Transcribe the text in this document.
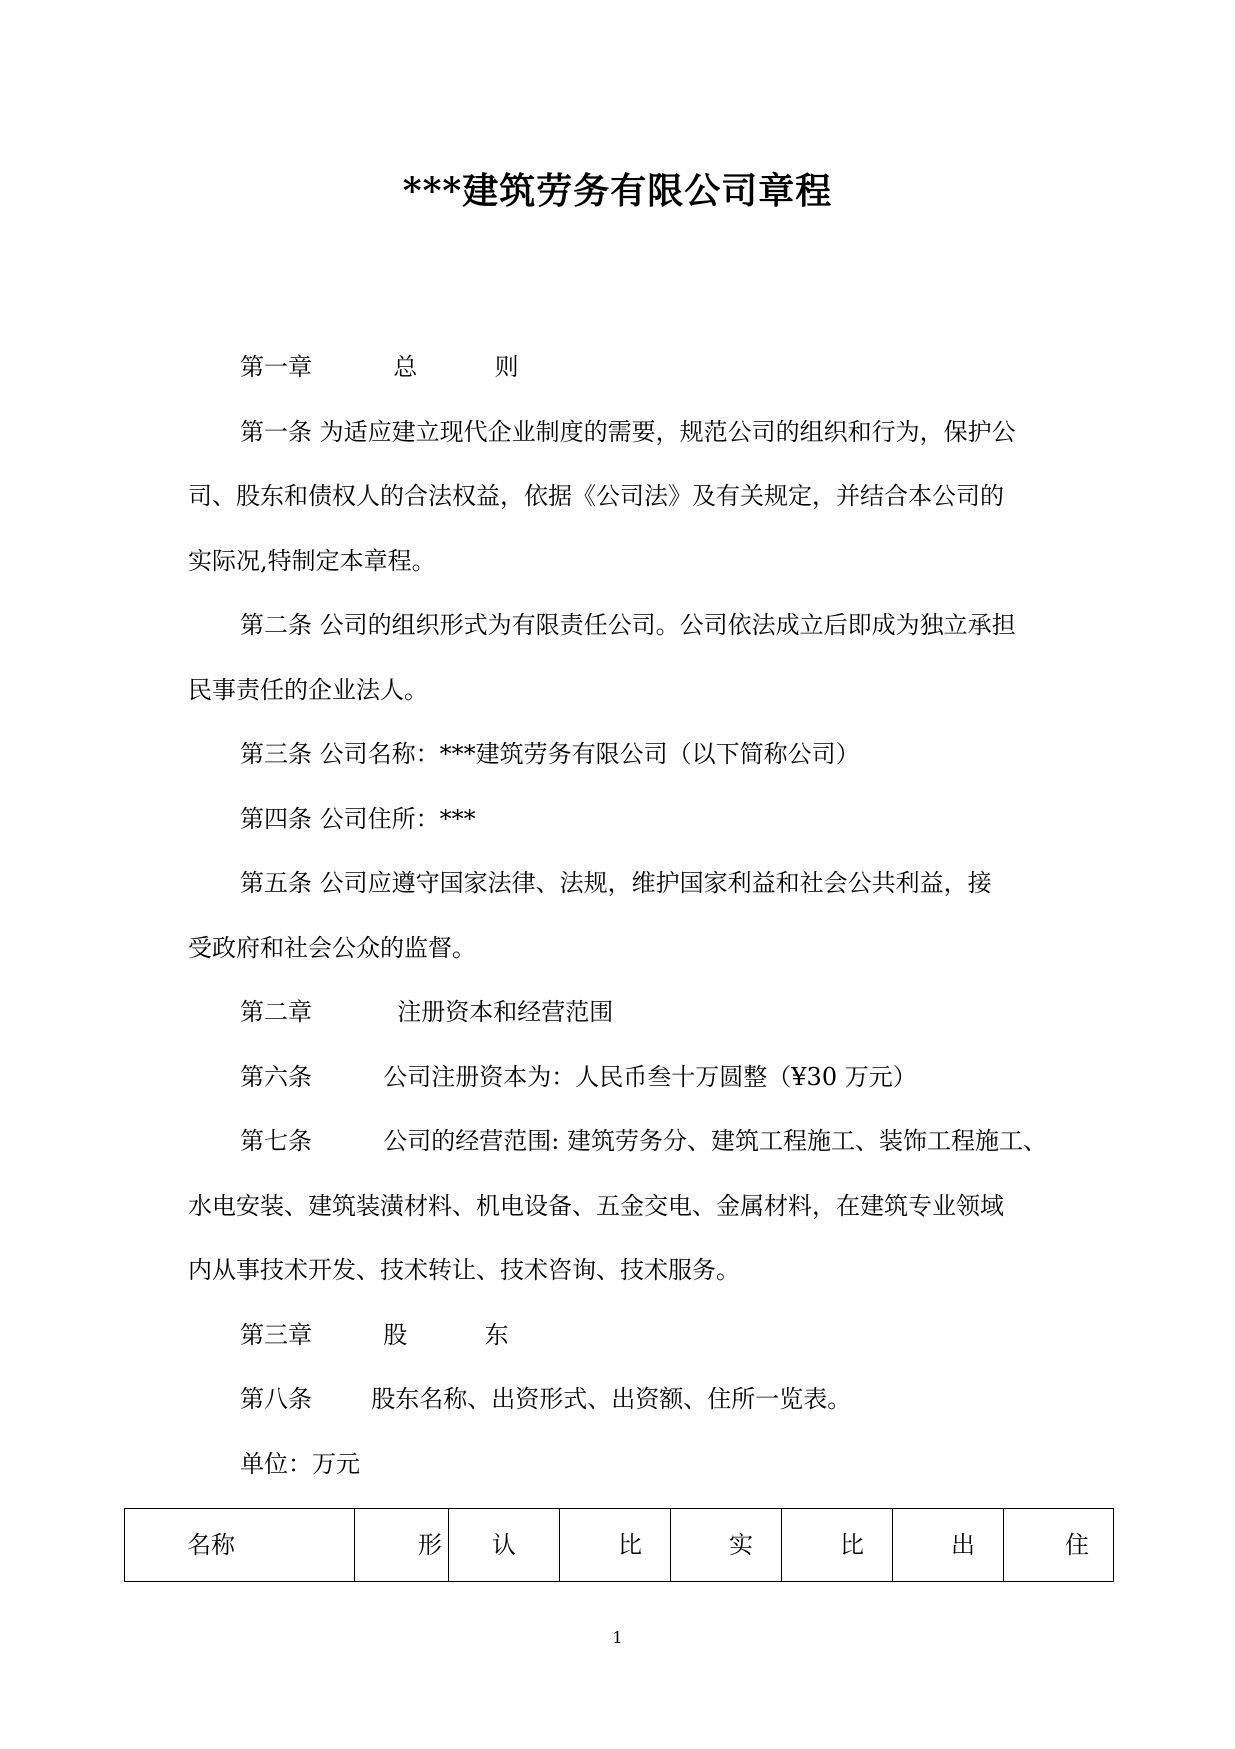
***建筑劳务有限公司章程
第一章	总	则
第一条 为适应建立现代企业制度的需要，规范公司的组织和行为，保护公
司、股东和债权人的合法权益，依据《公司法》及有关规定，并结合本公司的
实际况,特制定本章程。
第二条 公司的组织形式为有限责任公司。公司依法成立后即成为独立承担
民事责任的企业法人。
第三条 公司名称：***建筑劳务有限公司（以下简称公司）
第四条 公司住所：***
第五条 公司应遵守国家法律、法规，维护国家利益和社会公共利益，接
受政府和社会公众的监督。
第二章	注册资本和经营范围
第六条	公司注册资本为：人民币叁十万圆整（¥30 万元）
第七条	公司的经营范围: 建筑劳务分、建筑工程施工、装饰工程施工、
水电安装、建筑装潢材料、机电设备、五金交电、金属材料，在建筑专业领域
内从事技术开发、技术转让、技术咨询、技术服务。
第三章	股	东
第八条 股东名称、出资形式、出资额、住所一览表。
单位：万元
名称	形	认	比	实	比	出	住
1
